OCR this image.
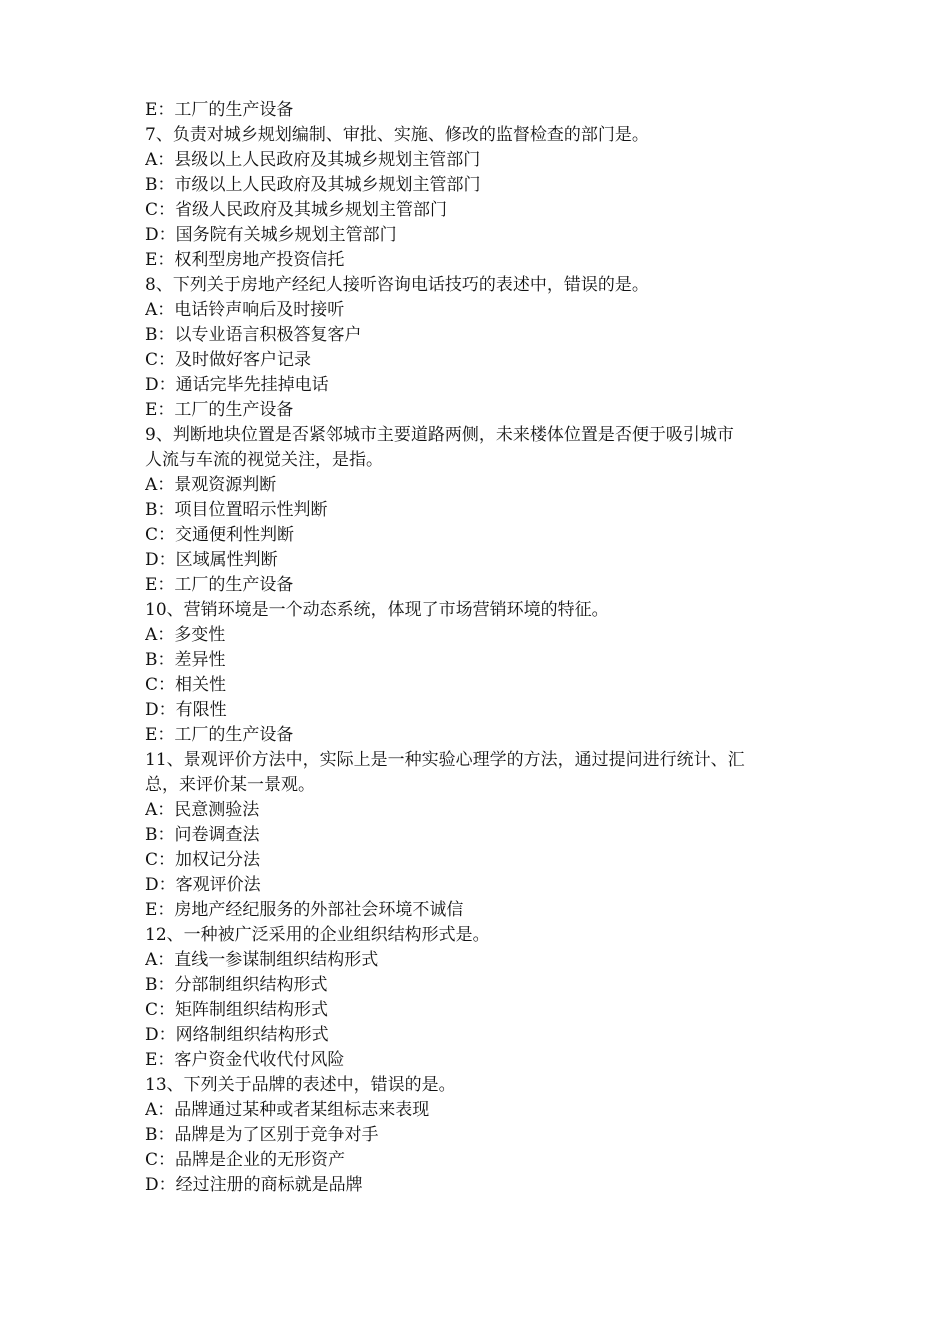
E：工厂的生产设备
7、负责对城乡规划编制、审批、实施、修改的监督检查的部门是。
A：县级以上人民政府及其城乡规划主管部门
B：市级以上人民政府及其城乡规划主管部门
C：省级人民政府及其城乡规划主管部门
D：国务院有关城乡规划主管部门
E：权利型房地产投资信托
8、下列关于房地产经纪人接听咨询电话技巧的表述中，错误的是。
A：电话铃声响后及时接听
B：以专业语言积极答复客户
C：及时做好客户记录
D：通话完毕先挂掉电话
E：工厂的生产设备
9、判断地块位置是否紧邻城市主要道路两侧，未来楼体位置是否便于吸引城市
人流与车流的视觉关注，是指。
A：景观资源判断
B：项目位置昭示性判断
C：交通便利性判断
D：区域属性判断
E：工厂的生产设备
10、营销环境是一个动态系统，体现了市场营销环境的特征。
A：多变性
B：差异性
C：相关性
D：有限性
E：工厂的生产设备
11、景观评价方法中，实际上是一种实验心理学的方法，通过提问进行统计、汇
总，来评价某一景观。
A：民意测验法
B：问卷调查法
C：加权记分法
D：客观评价法
E：房地产经纪服务的外部社会环境不诚信
12、一种被广泛采用的企业组织结构形式是。
A：直线一参谋制组织结构形式
B：分部制组织结构形式
C：矩阵制组织结构形式
D：网络制组织结构形式
E：客户资金代收代付风险
13、下列关于品牌的表述中，错误的是。
A：品牌通过某种或者某组标志来表现
B：品牌是为了区别于竞争对手
C：品牌是企业的无形资产
D：经过注册的商标就是品牌
